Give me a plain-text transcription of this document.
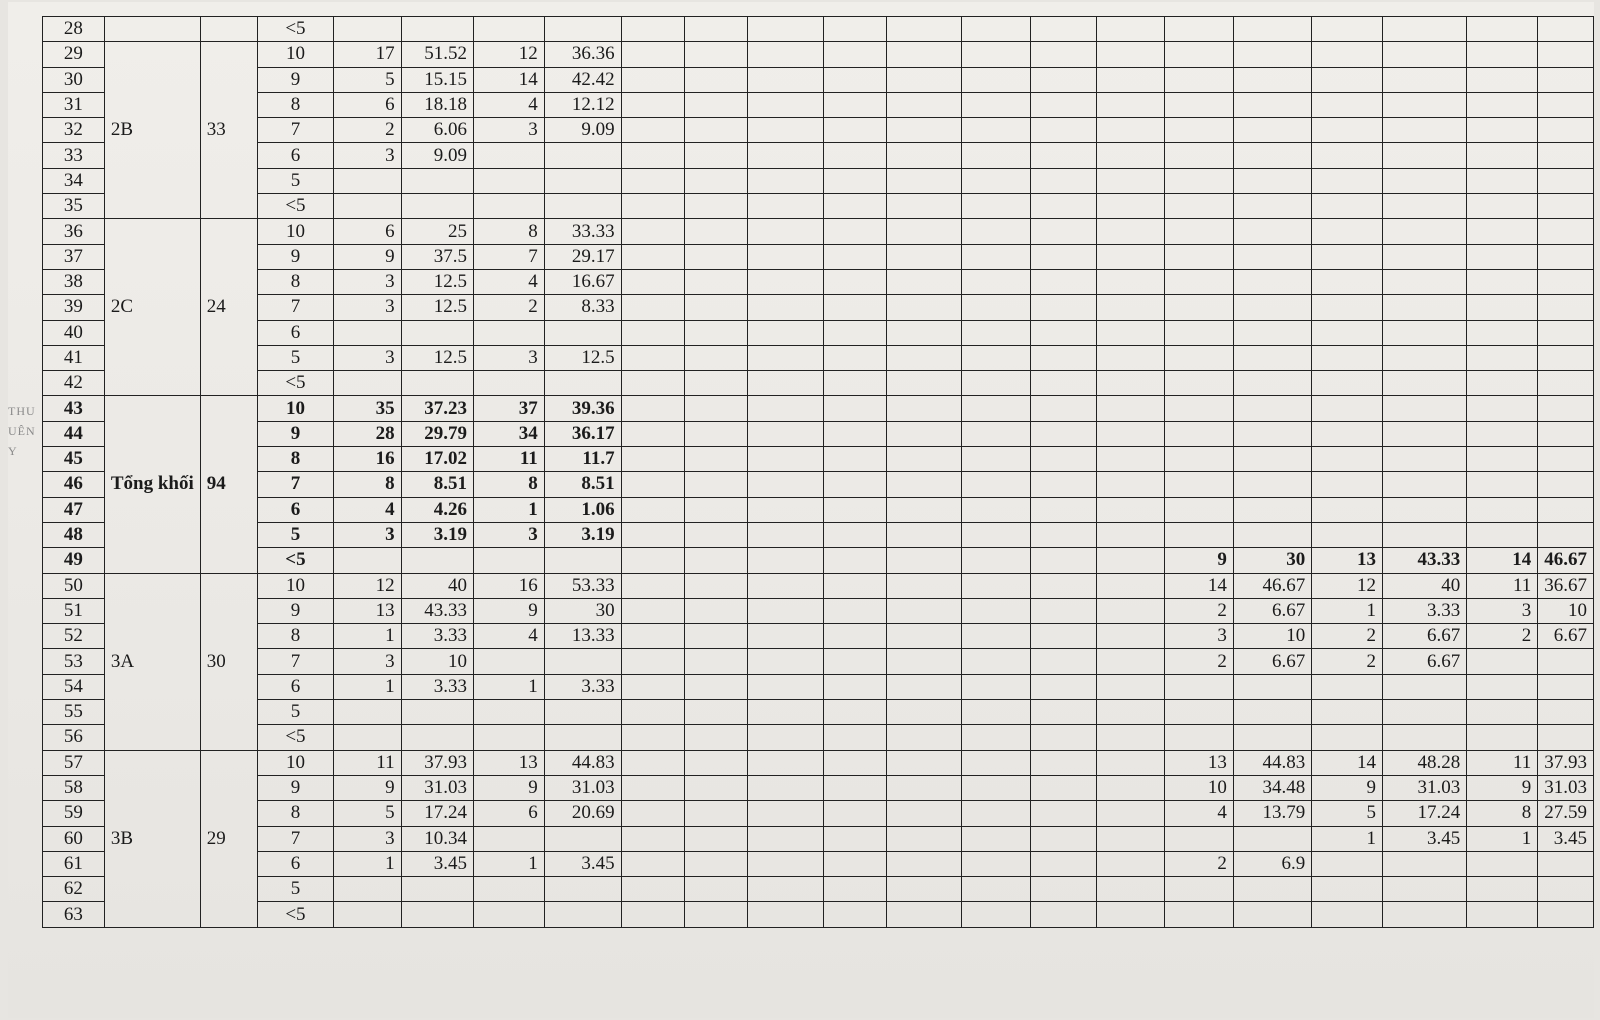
THU
UÊN
Y
28			<5																		
29	2B	33	10	17	51.52	12	36.36														
30			9	5	15.15	14	42.42														
31			8	6	18.18	4	12.12														
32			7	2	6.06	3	9.09														
33			6	3	9.09																
34			5																		
35			<5																		
36	2C	24	10	6	25	8	33.33														
37			9	9	37.5	7	29.17														
38			8	3	12.5	4	16.67														
39			7	3	12.5	2	8.33														
40			6																		
41			5	3	12.5	3	12.5														
42			<5																		
43	Tổng khối	94	10	35	37.23	37	39.36														
44			9	28	29.79	34	36.17														
45			8	16	17.02	11	11.7														
46			7	8	8.51	8	8.51														
47			6	4	4.26	1	1.06														
48			5	3	3.19	3	3.19														
49			<5													9	30	13	43.33	14	46.67
50	3A	30	10	12	40	16	53.33									14	46.67	12	40	11	36.67
51			9	13	43.33	9	30									2	6.67	1	3.33	3	10
52			8	1	3.33	4	13.33									3	10	2	6.67	2	6.67
53			7	3	10											2	6.67	2	6.67		
54			6	1	3.33	1	3.33														
55			5																		
56			<5																		
57	3B	29	10	11	37.93	13	44.83									13	44.83	14	48.28	11	37.93
58			9	9	31.03	9	31.03									10	34.48	9	31.03	9	31.03
59			8	5	17.24	6	20.69									4	13.79	5	17.24	8	27.59
60			7	3	10.34													1	3.45	1	3.45
61			6	1	3.45	1	3.45									2	6.9				
62			5																		
63			<5																		
